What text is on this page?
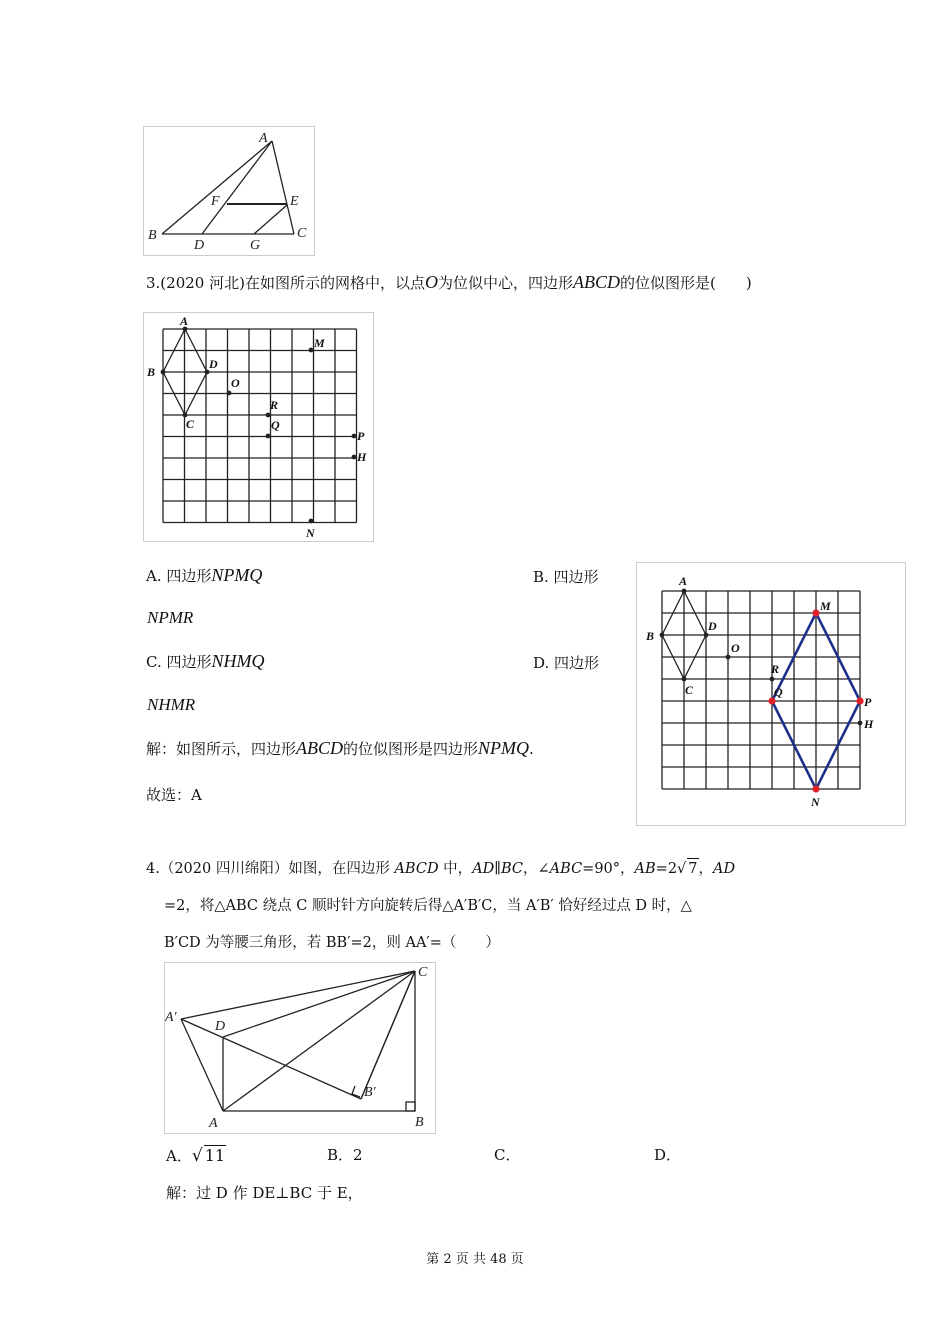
A
B	C
D
E
F
G
3.(2020 河北)在如图所示的网格中，以点O为位似中心，四边形ABCD的位似图形是(　　)
A
B
C
D
O
M
R
Q
P
H
N
A. 四边形NPMQ	B. 四边形
NPMR
C. 四边形NHMQ	D. 四边形
NHMR
A
B
C
D
O
M
R
Q
P
H
N
解：如图所示，四边形ABCD的位似图形是四边形NPMQ.
故选：A
4.（2020 四川绵阳）如图，在四边形 ABCD 中，AD∥BC，∠ABC=90°，AB=2√ 7，AD
=2，将△ABC 绕点 C 顺时针方向旋转后得△A′B′C，当 A′B′ 恰好经过点 D 时，△
B′CD 为等腰三角形，若 BB′=2，则 AA′=（　　）
C
A′
D
A
B′
B
A．√ 11	B．2	C．	D．
解：过 D 作 DE⊥BC 于 E，
第 2 页 共 48 页
